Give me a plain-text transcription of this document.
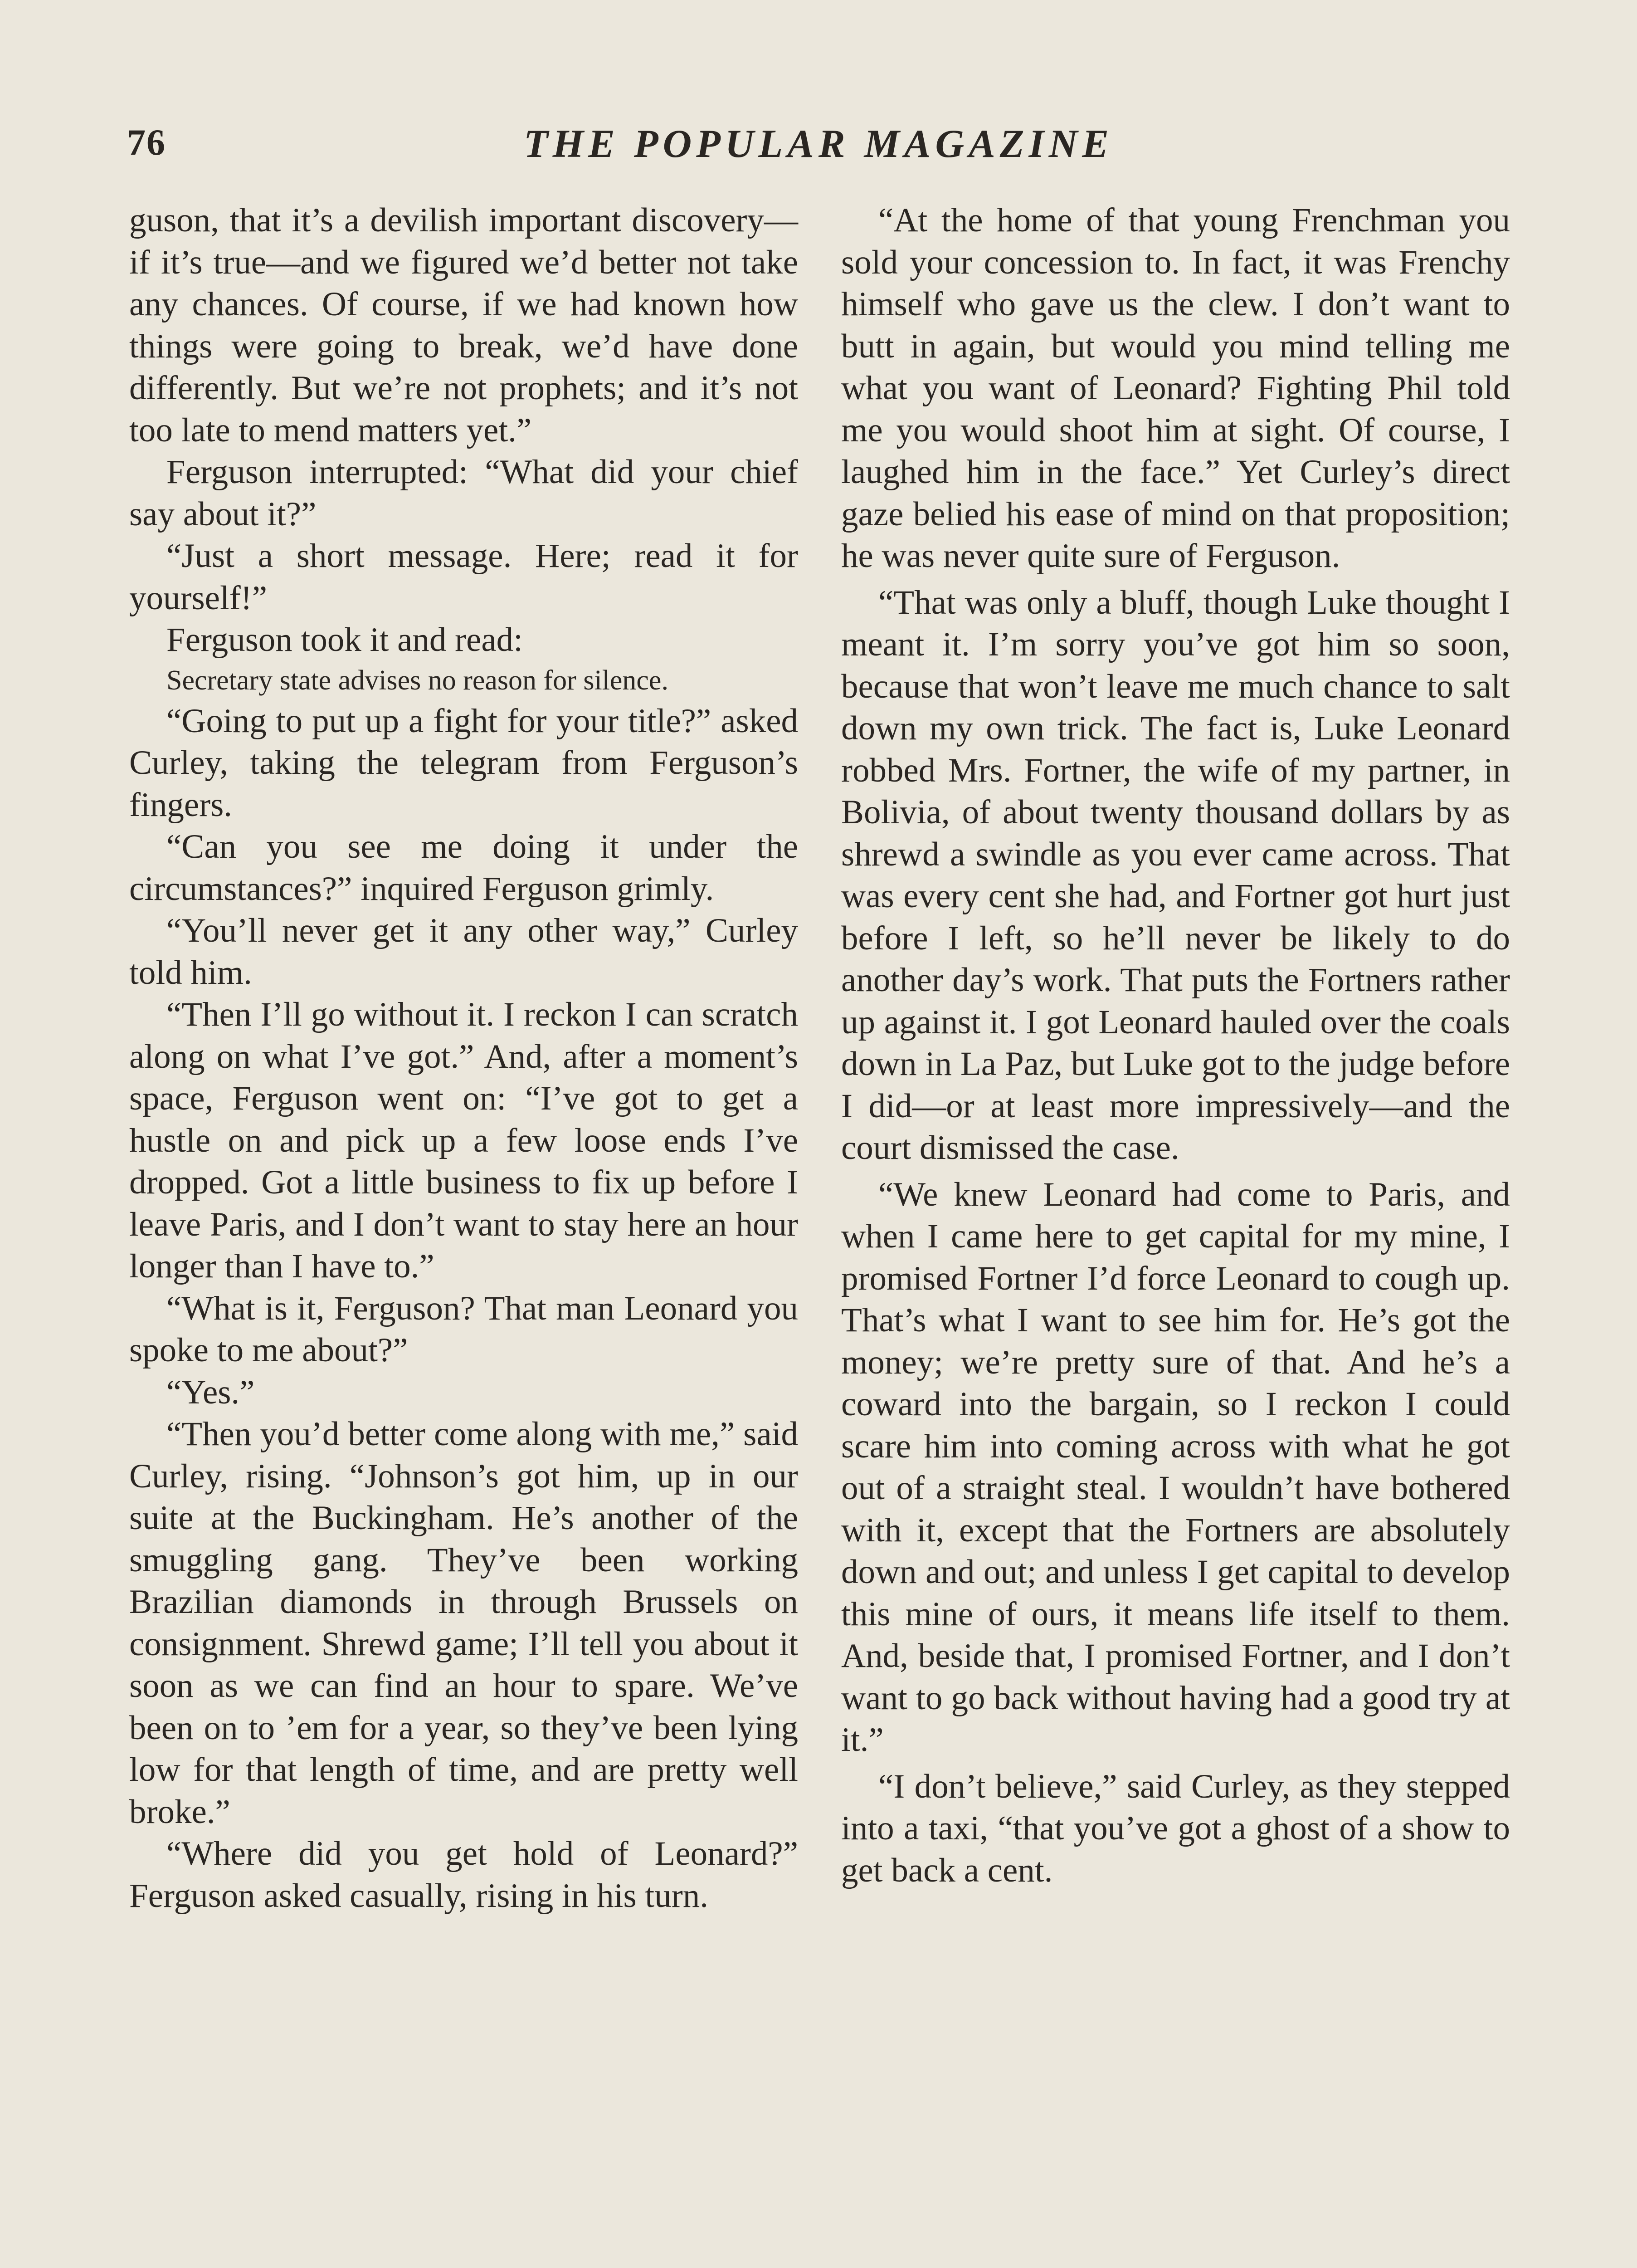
76	THE POPULAR MAGAZINE

guson, that it’s a devilish important discovery—if it’s true—and we figured we’d better not take any chances. Of course, if we had known how things were going to break, we’d have done differently. But we’re not prophets; and it’s not too late to mend matters yet.”

Ferguson interrupted: “What did your chief say about it?”

“Just a short message. Here; read it for yourself!”

Ferguson took it and read:

Secretary state advises no reason for silence.

“Going to put up a fight for your title?” asked Curley, taking the telegram from Ferguson’s fingers.

“Can you see me doing it under the circumstances?” inquired Ferguson grimly.

“You’ll never get it any other way,” Curley told him.

“Then I’ll go without it. I reckon I can scratch along on what I’ve got.” And, after a moment’s space, Ferguson went on: “I’ve got to get a hustle on and pick up a few loose ends I’ve dropped. Got a little business to fix up before I leave Paris, and I don’t want to stay here an hour longer than I have to.”

“What is it, Ferguson? That man Leonard you spoke to me about?”

“Yes.”

“Then you’d better come along with me,” said Curley, rising. “Johnson’s got him, up in our suite at the Buckingham. He’s another of the smuggling gang. They’ve been working Brazilian diamonds in through Brussels on consignment. Shrewd game; I’ll tell you about it soon as we can find an hour to spare. We’ve been on to ’em for a year, so they’ve been lying low for that length of time, and are pretty well broke.”

“Where did you get hold of Leonard?” Ferguson asked casually, rising in his turn.

“At the home of that young Frenchman you sold your concession to. In fact, it was Frenchy himself who gave us the clew. I don’t want to butt in again, but would you mind telling me what you want of Leonard? Fighting Phil told me you would shoot him at sight. Of course, I laughed him in the face.” Yet Curley’s direct gaze belied his ease of mind on that proposition; he was never quite sure of Ferguson.

“That was only a bluff, though Luke thought I meant it. I’m sorry you’ve got him so soon, because that won’t leave me much chance to salt down my own trick. The fact is, Luke Leonard robbed Mrs. Fortner, the wife of my partner, in Bolivia, of about twenty thousand dollars by as shrewd a swindle as you ever came across. That was every cent she had, and Fortner got hurt just before I left, so he’ll never be likely to do another day’s work. That puts the Fortners rather up against it. I got Leonard hauled over the coals down in La Paz, but Luke got to the judge before I did—or at least more impressively—and the court dismissed the case.

“We knew Leonard had come to Paris, and when I came here to get capital for my mine, I promised Fortner I’d force Leonard to cough up. That’s what I want to see him for. He’s got the money; we’re pretty sure of that. And he’s a coward into the bargain, so I reckon I could scare him into coming across with what he got out of a straight steal. I wouldn’t have bothered with it, except that the Fortners are absolutely down and out; and unless I get capital to develop this mine of ours, it means life itself to them. And, beside that, I promised Fortner, and I don’t want to go back without having had a good try at it.”

“I don’t believe,” said Curley, as they stepped into a taxi, “that you’ve got a ghost of a show to get back a cent.
